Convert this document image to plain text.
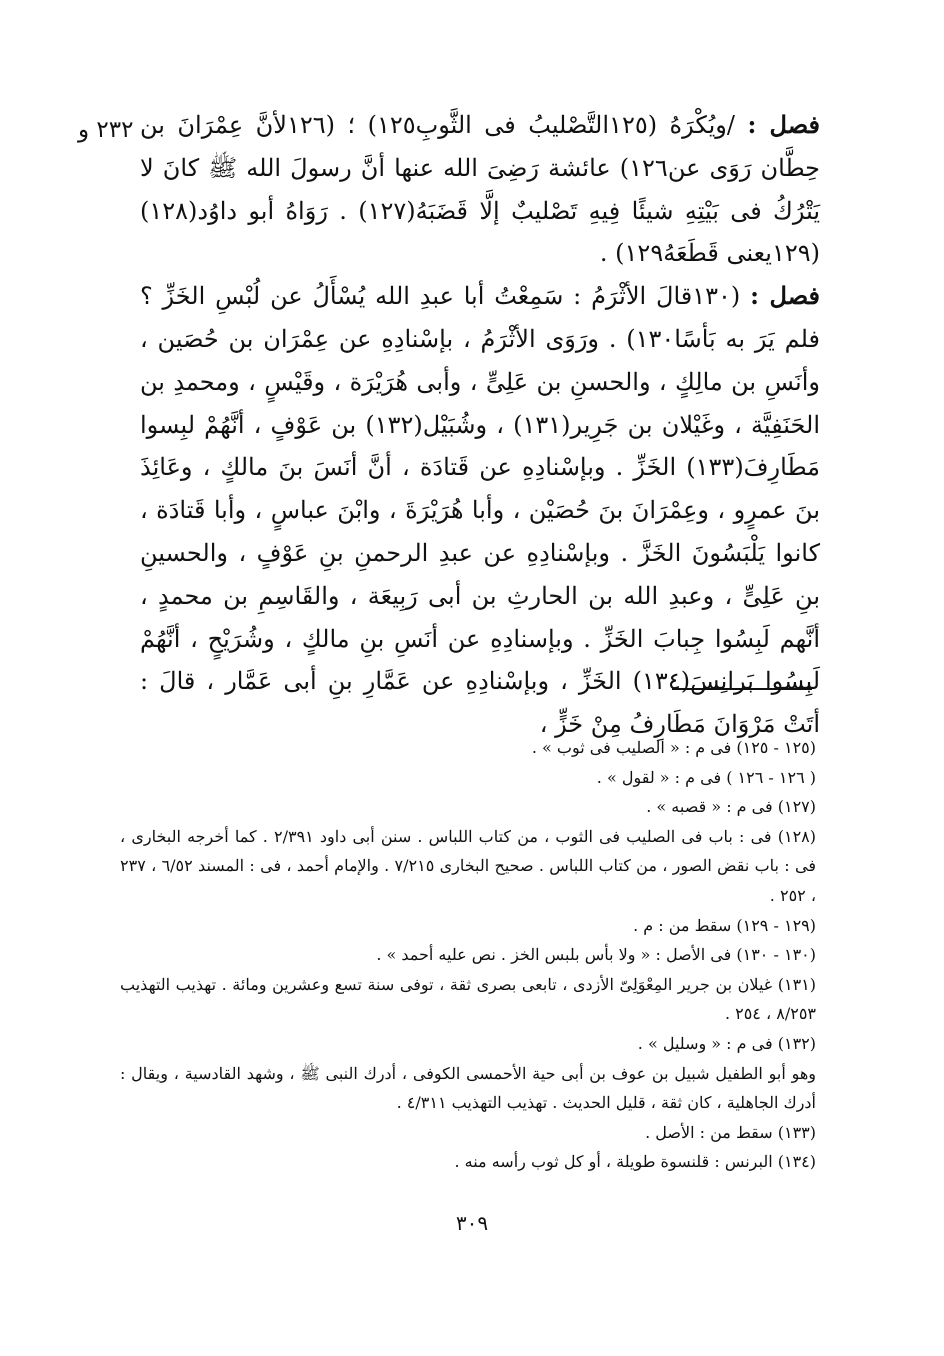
٢٣٢ و	فصل : /ويُكْرَهُ (١٢٥التَّصْليبُ فى الثَّوبِ١٢٥) ؛ (١٢٦لأنَّ عِمْرَانَ بن حِطَّان رَوَى عن١٢٦) عائشة رَضِىَ الله عنها أنَّ رسولَ الله ﷺ كانَ لا يَتْرُكُ فى بَيْتِهِ شيئًا فِيهِ تَصْليبٌ إلَّا قَضَبَهُ(١٢٧) . رَوَاهُ أبو داوُد(١٢٨) (١٢٩يعنى قَطَعَهُ١٢٩) .

فصل : (١٣٠قالَ الأثْرَمُ : سَمِعْتُ أبا عبدِ الله يُسْأَلُ عن لُبْسِ الخَزِّ ؟ فلم يَرَ به بَأسًا١٣٠) . ورَوَى الأثْرَمُ ، بإسْنادِهِ عن عِمْرَان بن حُصَين ، وأنَسِ بن مالِكٍ ، والحسنِ بن عَلِىٍّ ، وأبى هُرَيْرَة ، وقَيْسٍ ، ومحمدِ بن الحَنَفِيَّة ، وغَيْلان بن جَرِير(١٣١) ، وشُبَيْل(١٣٢) بن عَوْفٍ ، أنَّهُمْ لبِسوا مَطَارِفَ(١٣٣) الخَزِّ . وبإسْنادِهِ عن قَتادَة ، أنَّ أنَسَ بنَ مالكٍ ، وعَائِذَ بنَ عمرٍو ، وعِمْرَانَ بنَ حُصَيْن ، وأبا هُرَيْرَةَ ، وابْنَ عباسٍ ، وأبا قَتادَة ، كانوا يَلْبَسُونَ الخَزَّ . وبإسْنادِهِ عن عبدِ الرحمنِ بنِ عَوْفٍ ، والحسينِ بنِ عَلِىٍّ ، وعبدِ الله بن الحارثِ بن أبى رَبِيعَة ، والقَاسِمِ بن محمدٍ ، أنَّهم لَبِسُوا جِبابَ الخَزِّ . وبإسنادِهِ عن أنَسِ بنِ مالكٍ ، وشُرَيْحٍ ، أنَّهُمْ لَبِسُوا بَرانِسَ(١٣٤) الخَزِّ ، وبإسْنادِهِ عن عَمَّارِ بنِ أبى عَمَّار ، قالَ : أتَتْ مَرْوَانَ مَطَارِفُ مِنْ خَزٍّ ،

(١٢٥ - ١٢٥) فى م : « الصليب فى ثوب » .

( ١٢٦ - ١٢٦ ) فى م : « لقول » .

(١٢٧) فى م : « قصبه » .

(١٢٨) فى : باب فى الصليب فى الثوب ، من كتاب اللباس . سنن أبى داود ٢/٣٩١ . كما أخرجه البخارى ، فى : باب نقض الصور ، من كتاب اللباس . صحيح البخارى ٧/٢١٥ . والإمام أحمد ، فى : المسند ٦/٥٢ ، ٢٣٧ ، ٢٥٢ .

(١٢٩ - ١٢٩) سقط من : م .

(١٣٠ - ١٣٠) فى الأصل : « ولا بأس بلبس الخز . نص عليه أحمد » .

(١٣١) غيلان بن جرير المِعْوَلِىّ الأزدى ، تابعى بصرى ثقة ، توفى سنة تسع وعشرين ومائة . تهذيب التهذيب ٨/٢٥٣ ، ٢٥٤ .

(١٣٢) فى م : « وسليل » .

وهو أبو الطفيل شبيل بن عوف بن أبى حية الأحمسى الكوفى ، أدرك النبى ﷺ ، وشهد القادسية ، ويقال : أدرك الجاهلية ، كان ثقة ، قليل الحديث . تهذيب التهذيب ٤/٣١١ .

(١٣٣) سقط من : الأصل .

(١٣٤) البرنس : قلنسوة طويلة ، أو كل ثوب رأسه منه .

٣٠٩
